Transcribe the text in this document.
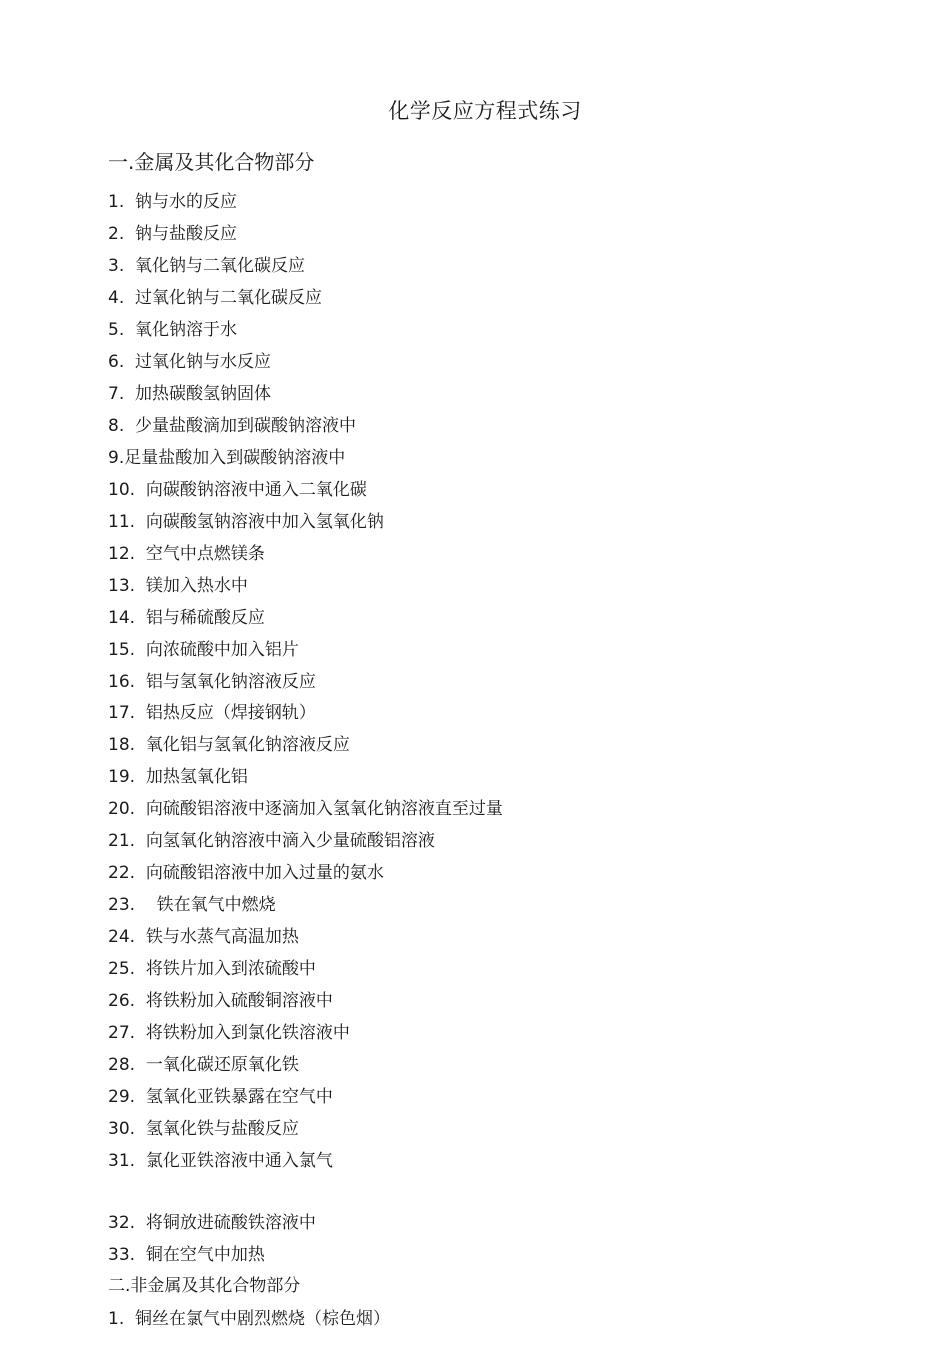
化学反应方程式练习
一.金属及其化合物部分
1.  钠与水的反应
2.  钠与盐酸反应
3.  氧化钠与二氧化碳反应
4.  过氧化钠与二氧化碳反应
5.  氧化钠溶于水
6.  过氧化钠与水反应
7.  加热碳酸氢钠固体
8.  少量盐酸滴加到碳酸钠溶液中
9.足量盐酸加入到碳酸钠溶液中
10.  向碳酸钠溶液中通入二氧化碳
11.  向碳酸氢钠溶液中加入氢氧化钠
12.  空气中点燃镁条
13.  镁加入热水中
14.  铝与稀硫酸反应
15.  向浓硫酸中加入铝片
16.  铝与氢氧化钠溶液反应
17.  铝热反应（焊接钢轨）
18.  氧化铝与氢氧化钠溶液反应
19.  加热氢氧化铝
20.  向硫酸铝溶液中逐滴加入氢氧化钠溶液直至过量
21.  向氢氧化钠溶液中滴入少量硫酸铝溶液
22.  向硫酸铝溶液中加入过量的氨水
23.    铁在氧气中燃烧
24.  铁与水蒸气高温加热
25.  将铁片加入到浓硫酸中
26.  将铁粉加入硫酸铜溶液中
27.  将铁粉加入到氯化铁溶液中
28.  一氧化碳还原氧化铁
29.  氢氧化亚铁暴露在空气中
30.  氢氧化铁与盐酸反应
31.  氯化亚铁溶液中通入氯气
32.  将铜放进硫酸铁溶液中
33.  铜在空气中加热
二.非金属及其化合物部分
1.  铜丝在氯气中剧烈燃烧（棕色烟）
